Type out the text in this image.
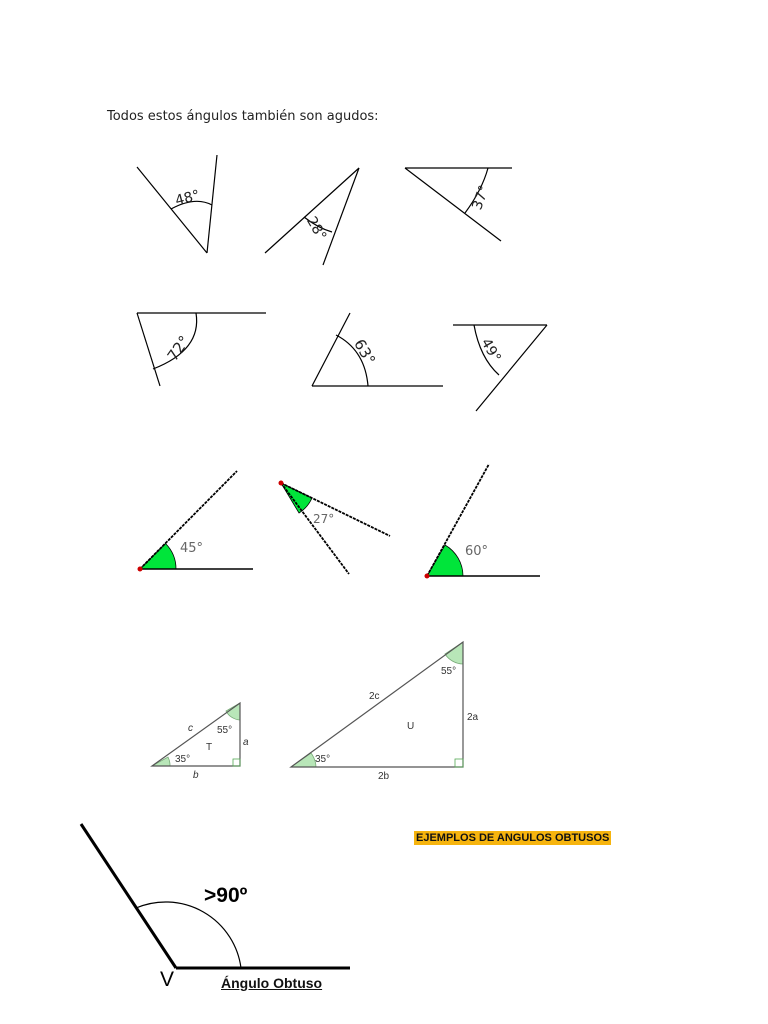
Todos estos ángulos también son agudos:
48°
28°
37°
72°	63°	49°
45°
27°
60°
c 55°
a
T
35°
b
55°
2c
2a
U
35°
2b
EJEMPLOS DE ANGULOS OBTUSOS
>90º
V	Ángulo Obtuso
